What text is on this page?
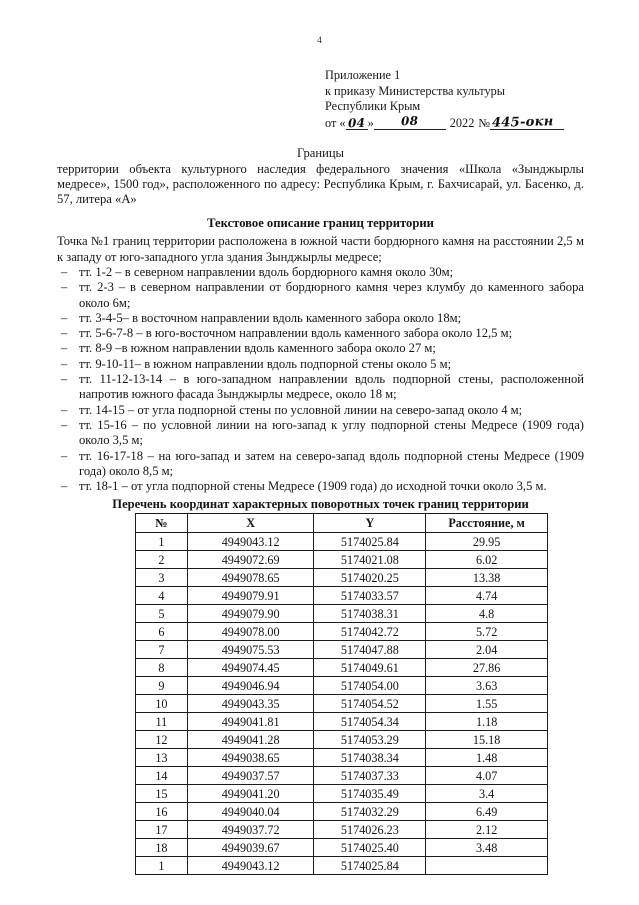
4
Приложение 1
к приказу Министерства культуры
Республики Крым
от « 04 »	08	2022 № 445-окн
Границы
территории объекта культурного наследия федерального значения «Школа «Зынджырлы медресе», 1500 год», расположенного по адресу: Республика Крым, г. Бахчисарай, ул. Басенко, д. 57, литера «А»
Текстовое описание границ территории
Точка №1 границ территории расположена в южной части бордюрного камня на расстоянии 2,5 м к западу от юго-западного угла здания Зынджырлы медресе;
– тт. 1-2 – в северном направлении вдоль бордюрного камня около 30м;
– тт. 2-3 – в северном направлении от бордюрного камня через клумбу до каменного забора около 6м;
– тт. 3-4-5– в восточном направлении вдоль каменного забора около 18м;
– тт. 5-6-7-8 – в юго-восточном направлении вдоль каменного забора около 12,5 м;
– тт. 8-9 –в южном направлении вдоль каменного забора около 27 м;
– тт. 9-10-11– в южном направлении вдоль подпорной стены около 5 м;
– тт. 11-12-13-14 – в юго-западном направлении вдоль подпорной стены, расположенной напротив южного фасада Зынджырлы медресе, около 18 м;
– тт. 14-15 – от угла подпорной стены по условной линии на северо-запад около 4 м;
– тт. 15-16 – по условной линии на юго-запад к углу подпорной стены Медресе (1909 года) около 3,5 м;
– тт. 16-17-18 – на юго-запад и затем на северо-запад вдоль подпорной стены Медресе (1909 года) около 8,5 м;
– тт. 18-1 – от угла подпорной стены Медресе (1909 года) до исходной точки около 3,5 м.
Перечень координат характерных поворотных точек границ территории
№	X	Y	Расстояние, м
1	4949043.12	5174025.84	29.95
2	4949072.69	5174021.08	6.02
3	4949078.65	5174020.25	13.38
4	4949079.91	5174033.57	4.74
5	4949079.90	5174038.31	4.8
6	4949078.00	5174042.72	5.72
7	4949075.53	5174047.88	2.04
8	4949074.45	5174049.61	27.86
9	4949046.94	5174054.00	3.63
10	4949043.35	5174054.52	1.55
11	4949041.81	5174054.34	1.18
12	4949041.28	5174053.29	15.18
13	4949038.65	5174038.34	1.48
14	4949037.57	5174037.33	4.07
15	4949041.20	5174035.49	3.4
16	4949040.04	5174032.29	6.49
17	4949037.72	5174026.23	2.12
18	4949039.67	5174025.40	3.48
1	4949043.12	5174025.84	
